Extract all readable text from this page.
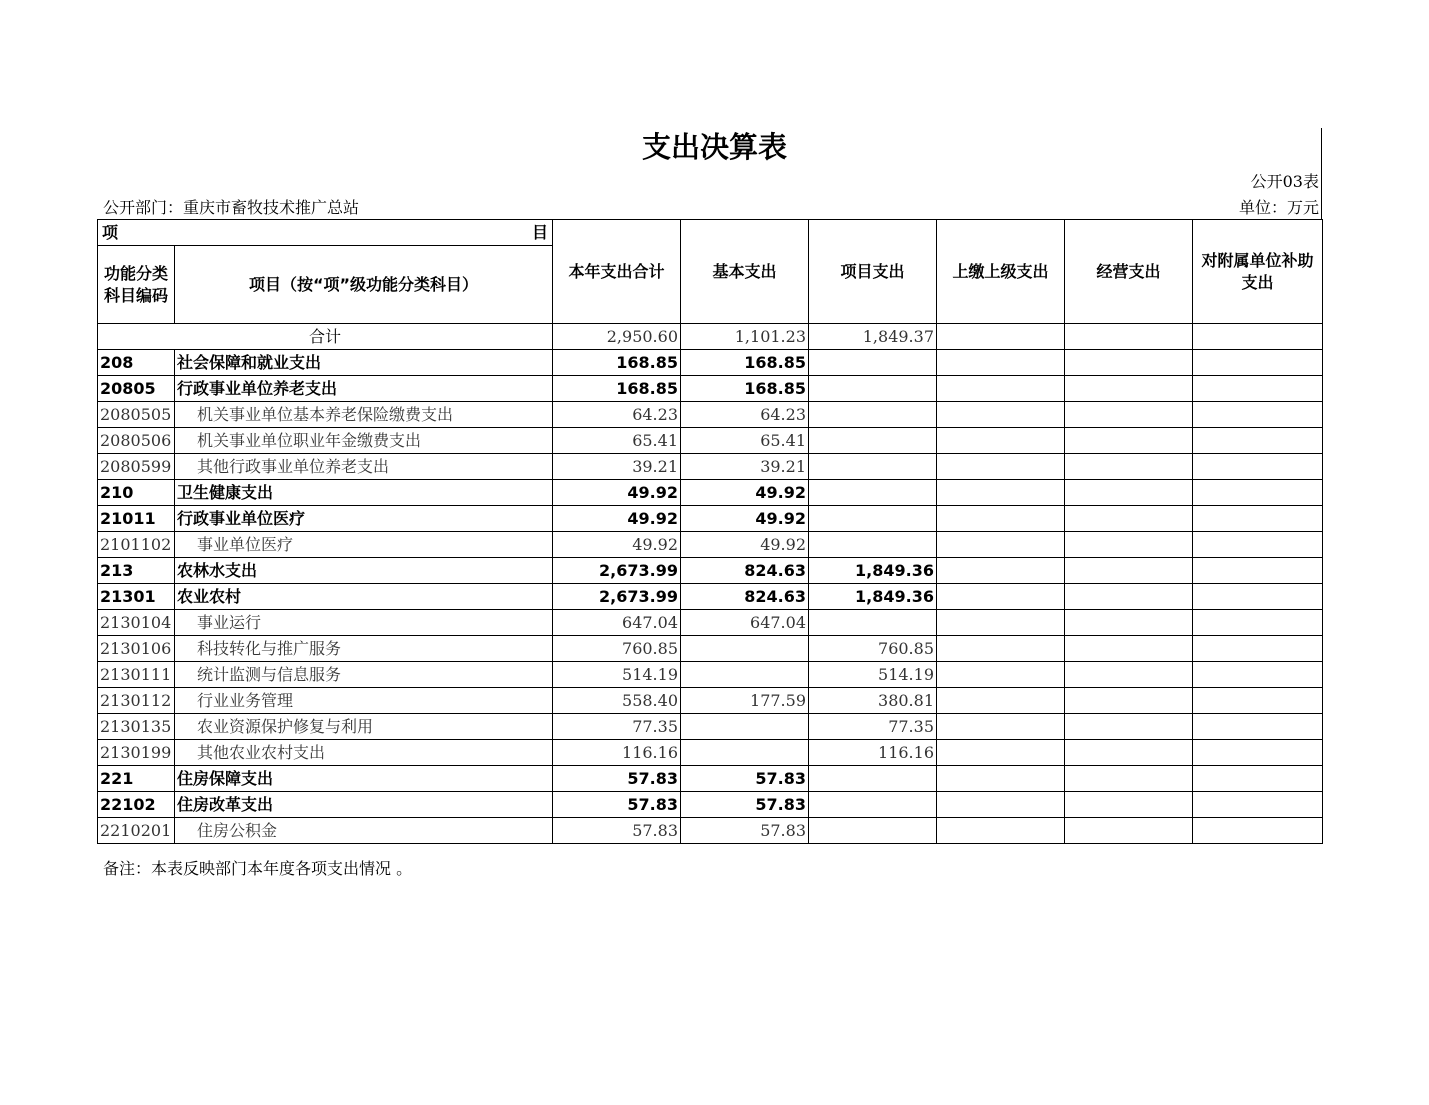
支出决算表
公开03表
公开部门：重庆市畜牧技术推广总站	单位：万元
项 目		本年支出合计	基本支出	项目支出	上缴上级支出	经营支出	对附属单位补助支出
功能分类科目编码	项目（按“项”级功能分类科目）						
合计		2,950.60	1,101.23	1,849.37			
208	社会保障和就业支出	168.85	168.85				
20805	行政事业单位养老支出	168.85	168.85				
2080505	机关事业单位基本养老保险缴费支出	64.23	64.23				
2080506	机关事业单位职业年金缴费支出	65.41	65.41				
2080599	其他行政事业单位养老支出	39.21	39.21				
210	卫生健康支出	49.92	49.92				
21011	行政事业单位医疗	49.92	49.92				
2101102	事业单位医疗	49.92	49.92				
213	农林水支出	2,673.99	824.63	1,849.36			
21301	农业农村	2,673.99	824.63	1,849.36			
2130104	事业运行	647.04	647.04				
2130106	科技转化与推广服务	760.85		760.85			
2130111	统计监测与信息服务	514.19		514.19			
2130112	行业业务管理	558.40	177.59	380.81			
2130135	农业资源保护修复与利用	77.35		77.35			
2130199	其他农业农村支出	116.16		116.16			
221	住房保障支出	57.83	57.83				
22102	住房改革支出	57.83	57.83				
2210201	住房公积金	57.83	57.83				
备注：本表反映部门本年度各项支出情况 。
